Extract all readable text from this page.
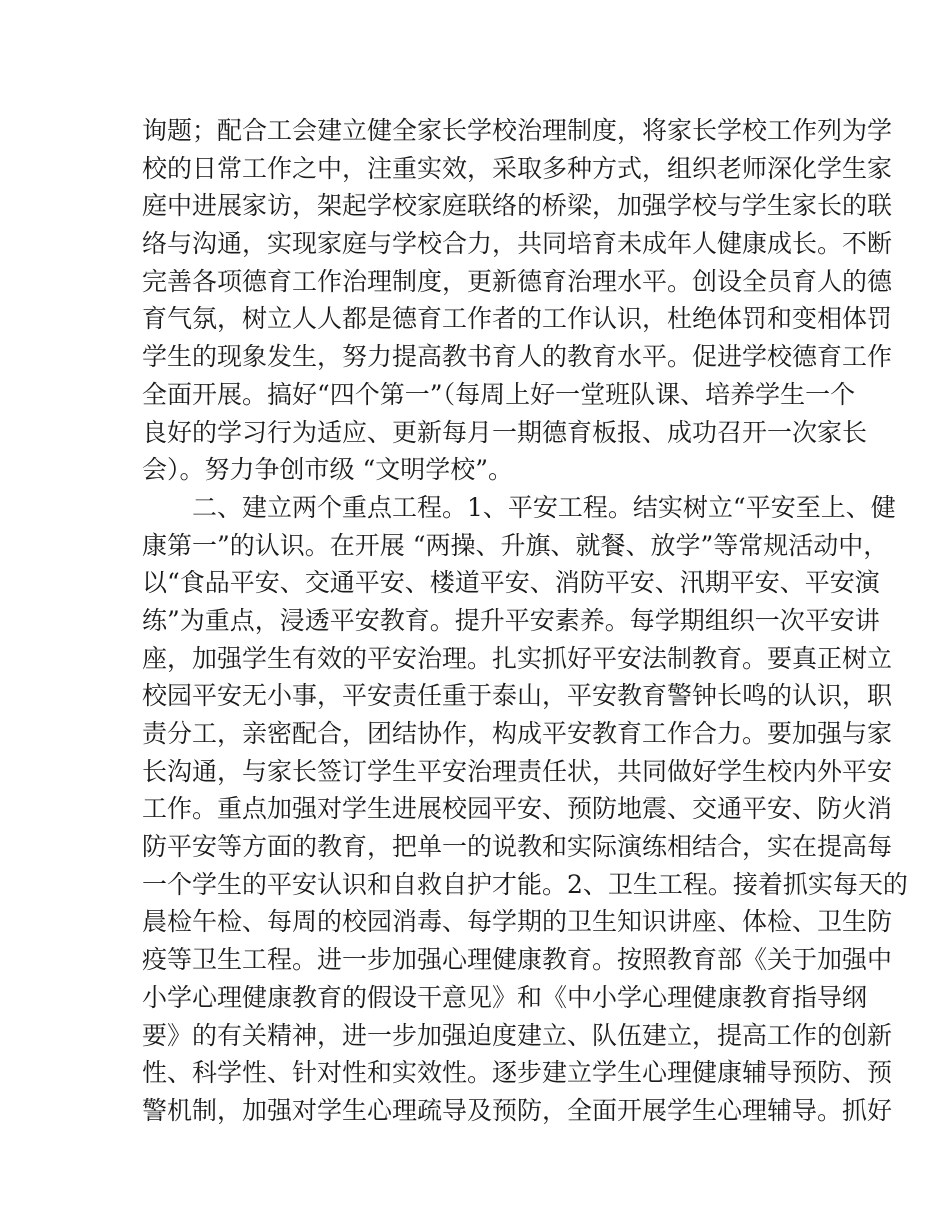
询题；配合工会建立健全家长学校治理制度，将家长学校工作列为学
校的日常工作之中，注重实效，采取多种方式，组织老师深化学生家
庭中进展家访，架起学校家庭联络的桥梁，加强学校与学生家长的联
络与沟通，实现家庭与学校合力，共同培育未成年人健康成长。不断
完善各项德育工作治理制度，更新德育治理水平。创设全员育人的德
育气氛，树立人人都是德育工作者的工作认识，杜绝体罚和变相体罚
学生的现象发生，努力提高教书育人的教育水平。促进学校德育工作
全面开展。搞好“四个第一”（每周上好一堂班队课、培养学生一个
良好的学习行为适应、更新每月一期德育板报、成功召开一次家长
会）。努力争创市级 “文明学校”。
　　二、建立两个重点工程。1、平安工程。结实树立“平安至上、健
康第一”的认识。在开展 “两操、升旗、就餐、放学”等常规活动中，
以“食品平安、交通平安、楼道平安、消防平安、汛期平安、平安演
练”为重点，浸透平安教育。提升平安素养。每学期组织一次平安讲
座，加强学生有效的平安治理。扎实抓好平安法制教育。要真正树立
校园平安无小事，平安责任重于泰山，平安教育警钟长鸣的认识，职
责分工，亲密配合，团结协作，构成平安教育工作合力。要加强与家
长沟通，与家长签订学生平安治理责任状，共同做好学生校内外平安
工作。重点加强对学生进展校园平安、预防地震、交通平安、防火消
防平安等方面的教育，把单一的说教和实际演练相结合，实在提高每
一个学生的平安认识和自救自护才能。2、卫生工程。接着抓实每天的
晨检午检、每周的校园消毒、每学期的卫生知识讲座、体检、卫生防
疫等卫生工程。进一步加强心理健康教育。按照教育部《关于加强中
小学心理健康教育的假设干意见》和《中小学心理健康教育指导纲
要》的有关精神，进一步加强迫度建立、队伍建立，提高工作的创新
性、科学性、针对性和实效性。逐步建立学生心理健康辅导预防、预
警机制，加强对学生心理疏导及预防，全面开展学生心理辅导。抓好
